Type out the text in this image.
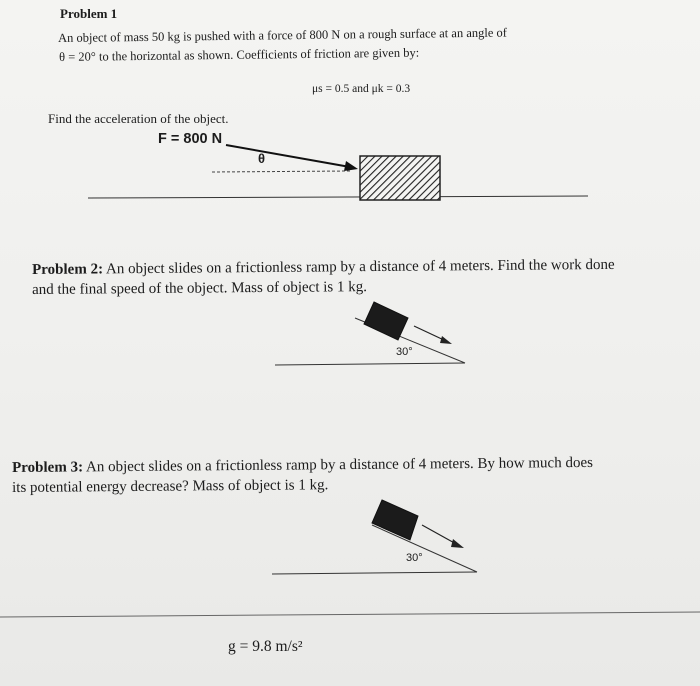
Problem 1
An object of mass 50 kg is pushed with a force of 800 N on a rough surface at an angle of
θ = 20° to the horizontal as shown. Coefficients of friction are given by:
μs = 0.5 and μk = 0.3
Find the acceleration of the object.
F = 800 N
θ
Problem 2: An object slides on a frictionless ramp by a distance of 4 meters. Find the work done
and the final speed of the object. Mass of object is 1 kg.
30°
Problem 3: An object slides on a frictionless ramp by a distance of 4 meters. By how much does
its potential energy decrease? Mass of object is 1 kg.
30°
g = 9.8 m/s²
